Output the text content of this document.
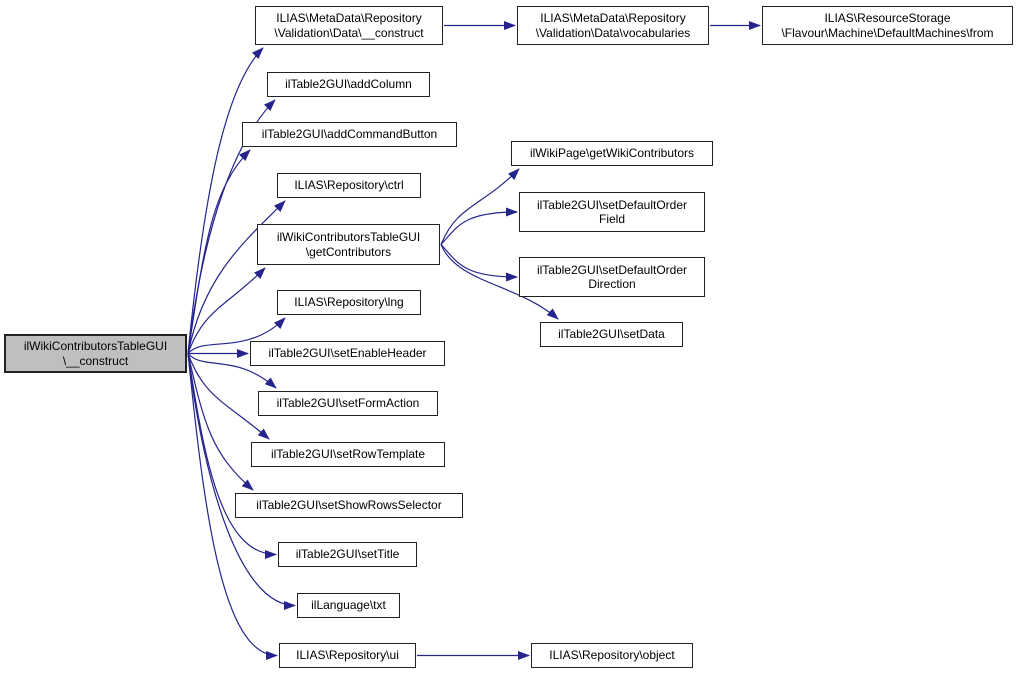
ilWikiContributorsTableGUI
\__construct
ILIAS\MetaData\Repository
\Validation\Data\__construct
ilTable2GUI\addColumn
ilTable2GUI\addCommandButton
ILIAS\Repository\ctrl
ilWikiContributorsTableGUI
\getContributors
ILIAS\Repository\lng
ilTable2GUI\setEnableHeader
ilTable2GUI\setFormAction
ilTable2GUI\setRowTemplate
ilTable2GUI\setShowRowsSelector
ilTable2GUI\setTitle
ilLanguage\txt
ILIAS\Repository\ui
ILIAS\MetaData\Repository
\Validation\Data\vocabularies
ilWikiPage\getWikiContributors
ilTable2GUI\setDefaultOrder
Field
ilTable2GUI\setDefaultOrder
Direction
ilTable2GUI\setData
ILIAS\Repository\object
ILIAS\ResourceStorage
\Flavour\Machine\DefaultMachines\from
